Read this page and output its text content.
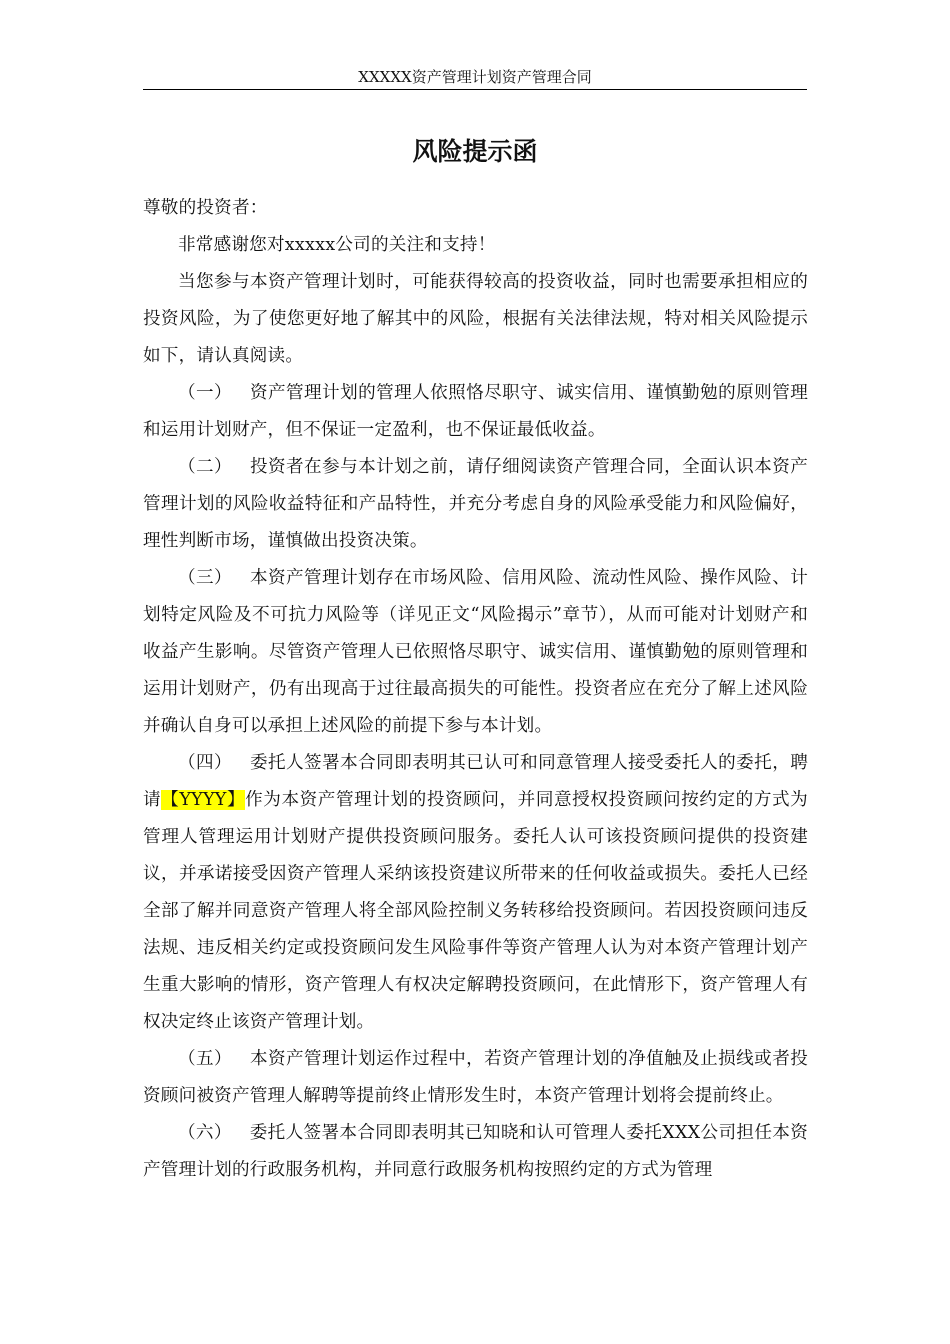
XXXXX资产管理计划资产管理合同
风险提示函

尊敬的投资者：

非常感谢您对xxxxx公司的关注和支持！

当您参与本资产管理计划时，可能获得较高的投资收益，同时也需要承担相应的投资风险，为了使您更好地了解其中的风险，根据有关法律法规，特对相关风险提示如下，请认真阅读。

（一）  资产管理计划的管理人依照恪尽职守、诚实信用、谨慎勤勉的原则管理和运用计划财产，但不保证一定盈利，也不保证最低收益。

（二）  投资者在参与本计划之前，请仔细阅读资产管理合同，全面认识本资产管理计划的风险收益特征和产品特性，并充分考虑自身的风险承受能力和风险偏好，理性判断市场，谨慎做出投资决策。

（三）  本资产管理计划存在市场风险、信用风险、流动性风险、操作风险、计划特定风险及不可抗力风险等（详见正文“风险揭示”章节），从而可能对计划财产和收益产生影响。尽管资产管理人已依照恪尽职守、诚实信用、谨慎勤勉的原则管理和运用计划财产，仍有出现高于过往最高损失的可能性。投资者应在充分了解上述风险并确认自身可以承担上述风险的前提下参与本计划。

（四）  委托人签署本合同即表明其已认可和同意管理人接受委托人的委托，聘请【YYYY】作为本资产管理计划的投资顾问，并同意授权投资顾问按约定的方式为管理人管理运用计划财产提供投资顾问服务。委托人认可该投资顾问提供的投资建议，并承诺接受因资产管理人采纳该投资建议所带来的任何收益或损失。委托人已经全部了解并同意资产管理人将全部风险控制义务转移给投资顾问。若因投资顾问违反法规、违反相关约定或投资顾问发生风险事件等资产管理人认为对本资产管理计划产生重大影响的情形，资产管理人有权决定解聘投资顾问，在此情形下，资产管理人有权决定终止该资产管理计划。

（五）  本资产管理计划运作过程中，若资产管理计划的净值触及止损线或者投资顾问被资产管理人解聘等提前终止情形发生时，本资产管理计划将会提前终止。

（六）  委托人签署本合同即表明其已知晓和认可管理人委托XXX公司担任本资产管理计划的行政服务机构，并同意行政服务机构按照约定的方式为管理
